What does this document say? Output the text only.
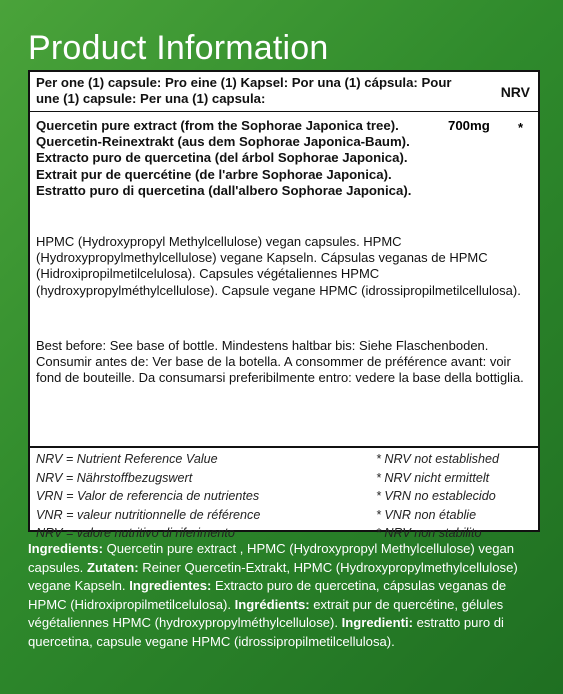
Product Information
Per one (1) capsule: Pro eine (1) Kapsel: Por una (1) cápsula: Pour une (1) capsule: Per una (1) capsula:	NRV
Quercetin pure extract (from the Sophorae Japonica tree). Quercetin-Reinextrakt (aus dem Sophorae Japonica-Baum). Extracto puro de quercetina (del árbol Sophorae Japonica). Extrait pur de quercétine (de l'arbre Sophorae Japonica). Estratto puro di quercetina (dall'albero Sophorae Japonica).
700mg *
HPMC (Hydroxypropyl Methylcellulose) vegan capsules. HPMC (Hydroxypropylmethylcellulose) vegane Kapseln. Cápsulas veganas de HPMC (Hidroxipropilmetilcelulosa). Capsules végétaliennes HPMC (hydroxypropylméthylcellulose). Capsule vegane HPMC (idrossipropilmetilcellulosa).
Best before: See base of bottle. Mindestens haltbar bis: Siehe Flaschenboden. Consumir antes de: Ver base de la botella. A consommer de préférence avant: voir fond de bouteille. Da consumarsi preferibilmente entro: vedere la base della bottiglia.
NRV = Nutrient Reference Value
NRV = Nährstoffbezugswert
VRN = Valor de referencia de nutrientes
VNR = valeur nutritionnelle de référence
NRV = valore nutritivo di riferimento
* NRV not established
* NRV nicht ermittelt
* VRN no establecido
* VNR non établie
* NRV non stabilito
Ingredients: Quercetin pure extract , HPMC (Hydroxypropyl Methylcellulose) vegan capsules. Zutaten: Reiner Quercetin-Extrakt, HPMC (Hydroxypropylmethylcellulose) vegane Kapseln. Ingredientes: Extracto puro de quercetina, cápsulas veganas de HPMC (Hidroxipropilmetilcelulosa). Ingrédients: extrait pur de quercétine, gélules végétaliennes HPMC (hydroxypropylméthylcellulose). Ingredienti: estratto puro di quercetina, capsule vegane HPMC (idrossipropilmetilcellulosa).
